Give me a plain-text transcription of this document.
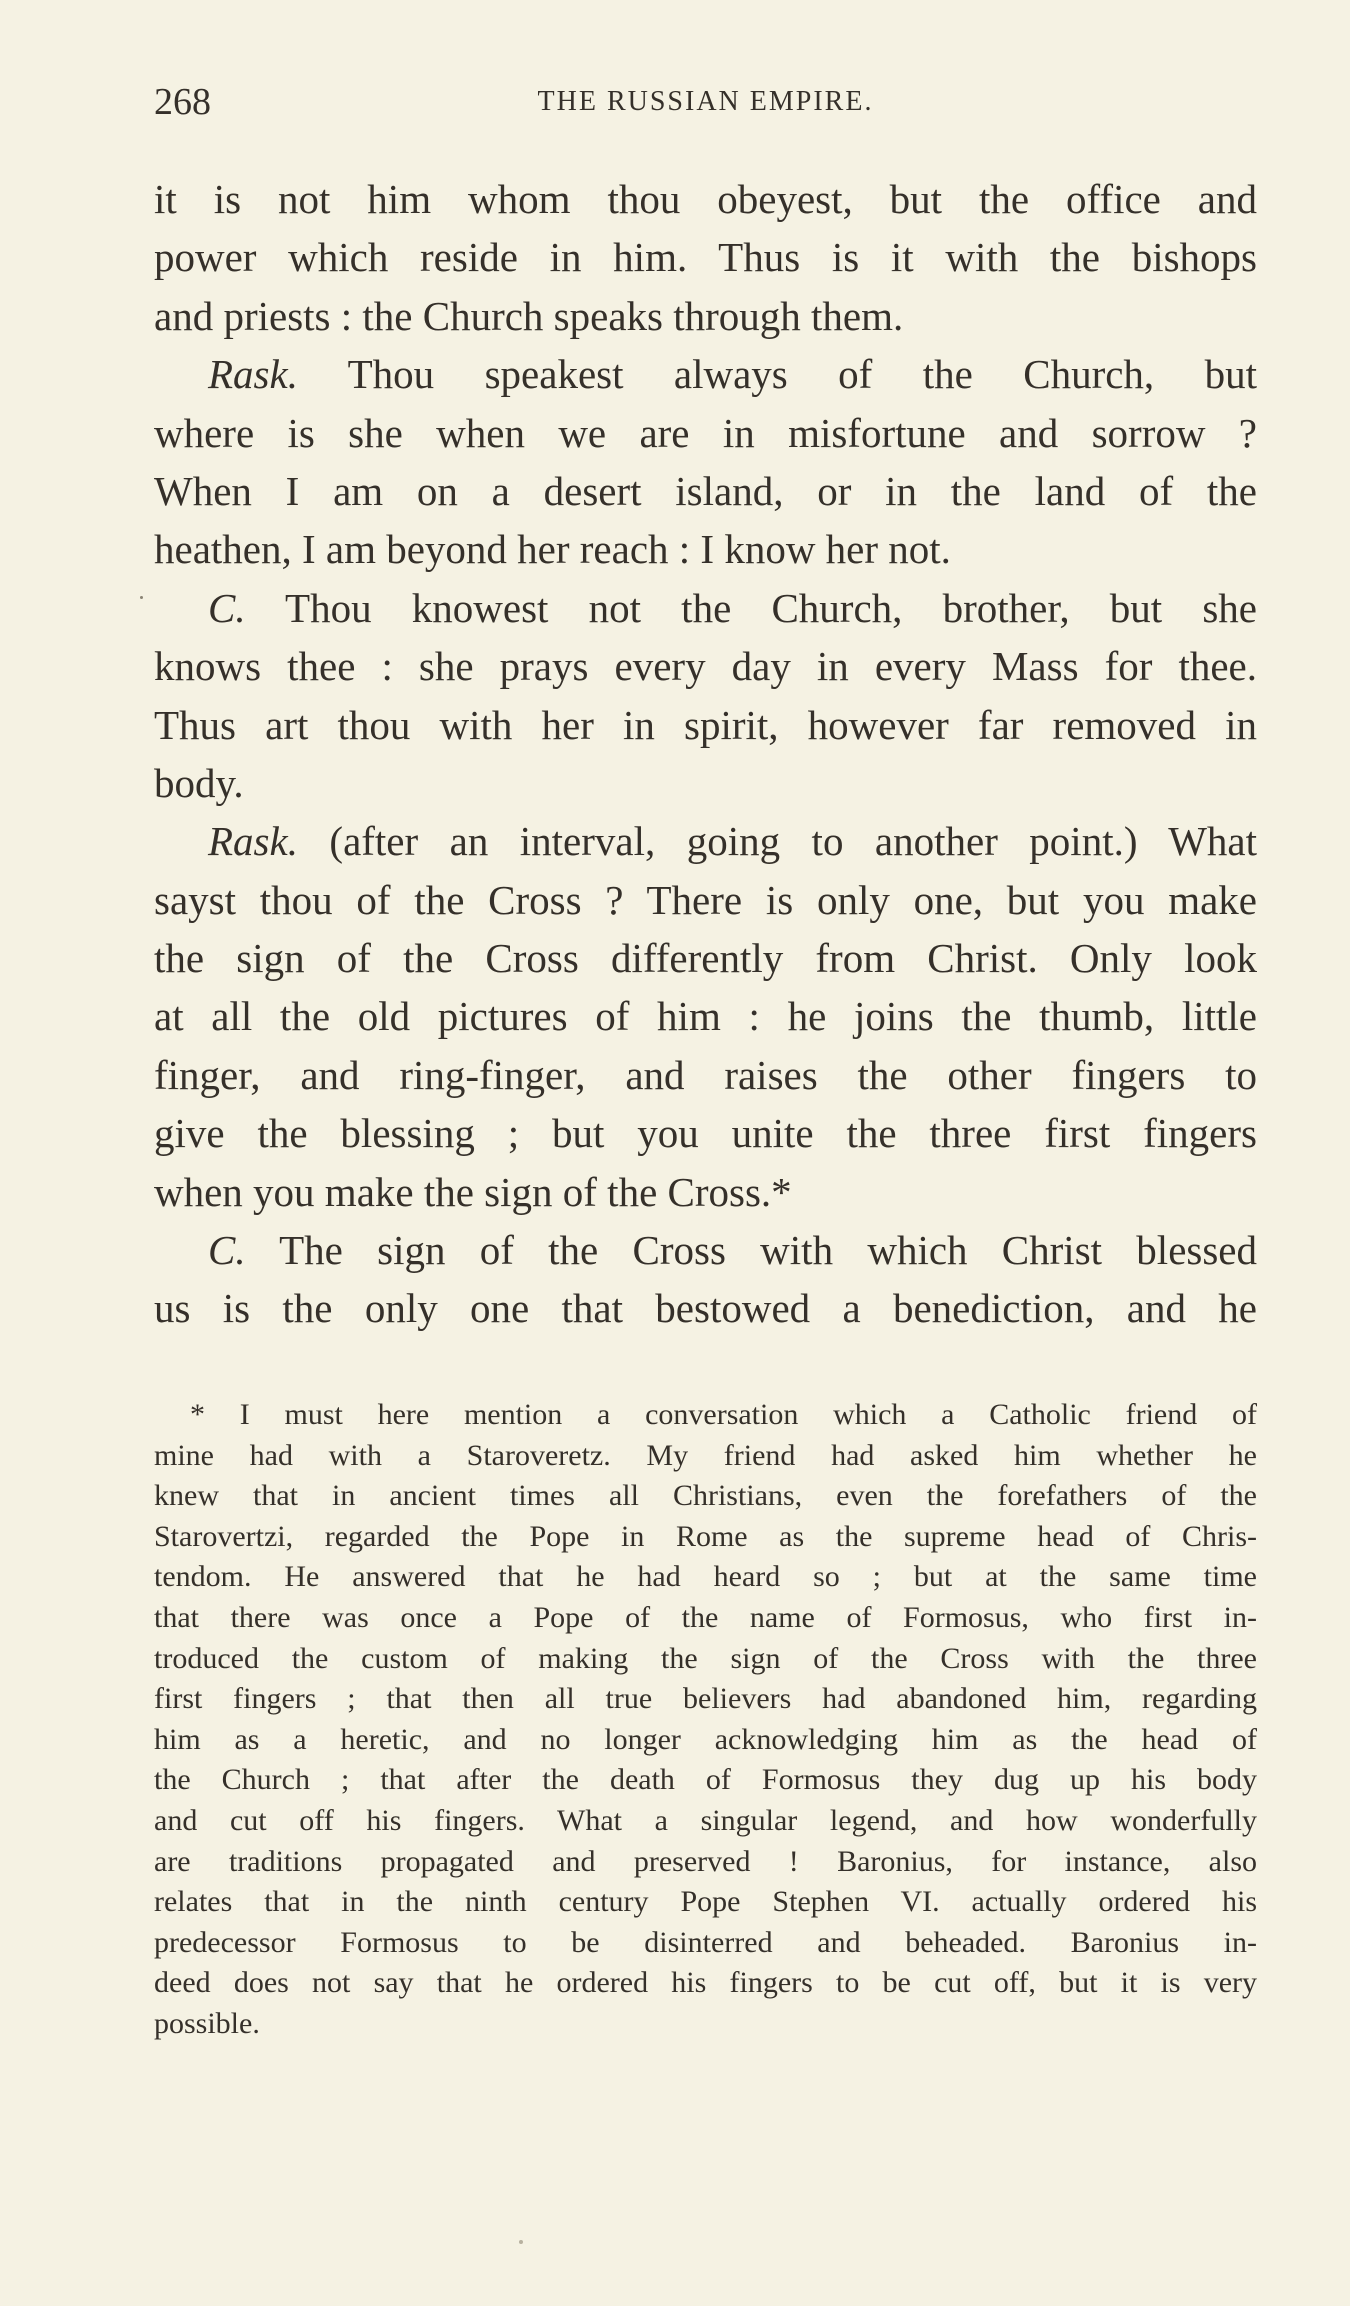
268	THE RUSSIAN EMPIRE.
it is not him whom thou obeyest, but the office and
power which reside in him. Thus is it with the bishops
and priests : the Church speaks through them.
Rask. Thou speakest always of the Church, but
where is she when we are in misfortune and sorrow ?
When I am on a desert island, or in the land of the
heathen, I am beyond her reach : I know her not.
C. Thou knowest not the Church, brother, but she
knows thee : she prays every day in every Mass for thee.
Thus art thou with her in spirit, however far removed in
body.
Rask. (after an interval, going to another point.) What
sayst thou of the Cross ? There is only one, but you make
the sign of the Cross differently from Christ. Only look
at all the old pictures of him : he joins the thumb, little
finger, and ring-finger, and raises the other fingers to
give the blessing ; but you unite the three first fingers
when you make the sign of the Cross.*
C. The sign of the Cross with which Christ blessed
us is the only one that bestowed a benediction, and he
* I must here mention a conversation which a Catholic friend of
mine had with a Staroveretz. My friend had asked him whether he
knew that in ancient times all Christians, even the forefathers of the
Starovertzi, regarded the Pope in Rome as the supreme head of Chris-
tendom. He answered that he had heard so ; but at the same time
that there was once a Pope of the name of Formosus, who first in-
troduced the custom of making the sign of the Cross with the three
first fingers ; that then all true believers had abandoned him, regarding
him as a heretic, and no longer acknowledging him as the head of
the Church ; that after the death of Formosus they dug up his body
and cut off his fingers. What a singular legend, and how wonderfully
are traditions propagated and preserved ! Baronius, for instance, also
relates that in the ninth century Pope Stephen VI. actually ordered his
predecessor Formosus to be disinterred and beheaded. Baronius in-
deed does not say that he ordered his fingers to be cut off, but it is very
possible.
